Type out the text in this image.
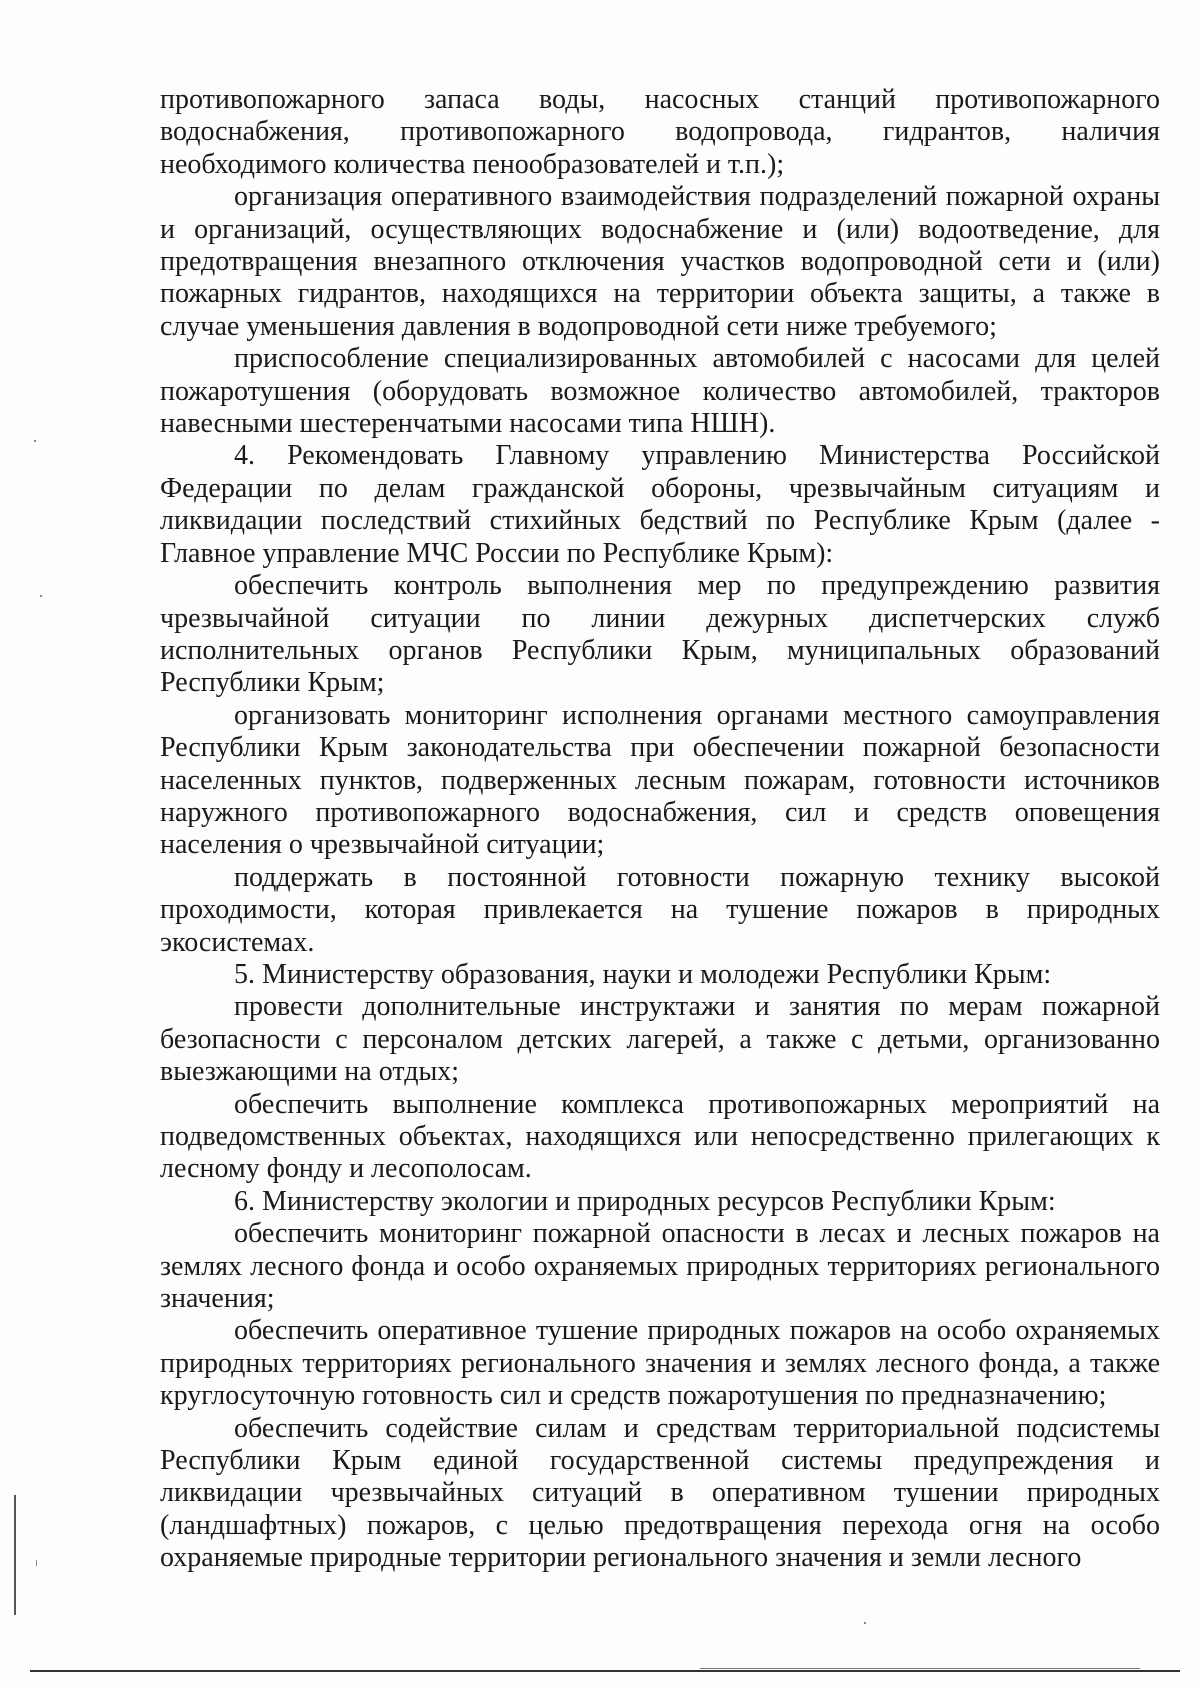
противопожарного запаса воды, насосных станций противопожарного водоснабжения, противопожарного водопровода, гидрантов, наличия необходимого количества пенообразователей и т.п.);

организация оперативного взаимодействия подразделений пожарной охраны и организаций, осуществляющих водоснабжение и (или) водоотведение, для предотвращения внезапного отключения участков водопроводной сети и (или) пожарных гидрантов, находящихся на территории объекта защиты, а также в случае уменьшения давления в водопроводной сети ниже требуемого;

приспособление специализированных автомобилей с насосами для целей пожаротушения (оборудовать возможное количество автомобилей, тракторов навесными шестеренчатыми насосами типа НШН).

4. Рекомендовать Главному управлению Министерства Российской Федерации по делам гражданской обороны, чрезвычайным ситуациям и ликвидации последствий стихийных бедствий по Республике Крым (далее - Главное управление МЧС России по Республике Крым):

обеспечить контроль выполнения мер по предупреждению развития чрезвычайной ситуации по линии дежурных диспетчерских служб исполнительных органов Республики Крым, муниципальных образований Республики Крым;

организовать мониторинг исполнения органами местного самоуправления Республики Крым законодательства при обеспечении пожарной безопасности населенных пунктов, подверженных лесным пожарам, готовности источников наружного противопожарного водоснабжения, сил и средств оповещения населения о чрезвычайной ситуации;

поддержать в постоянной готовности пожарную технику высокой проходимости, которая привлекается на тушение пожаров в природных экосистемах.

5. Министерству образования, науки и молодежи Республики Крым:

провести дополнительные инструктажи и занятия по мерам пожарной безопасности с персоналом детских лагерей, а также с детьми, организованно выезжающими на отдых;

обеспечить выполнение комплекса противопожарных мероприятий на подведомственных объектах, находящихся или непосредственно прилегающих к лесному фонду и лесополосам.

6. Министерству экологии и природных ресурсов Республики Крым:

обеспечить мониторинг пожарной опасности в лесах и лесных пожаров на землях лесного фонда и особо охраняемых природных территориях регионального значения;

обеспечить оперативное тушение природных пожаров на особо охраняемых природных территориях регионального значения и землях лесного фонда, а также круглосуточную готовность сил и средств пожаротушения по предназначению;

обеспечить содействие силам и средствам территориальной подсистемы Республики Крым единой государственной системы предупреждения и ликвидации чрезвычайных ситуаций в оперативном тушении природных (ландшафтных) пожаров, с целью предотвращения перехода огня на особо охраняемые природные территории регионального значения и земли лесного
